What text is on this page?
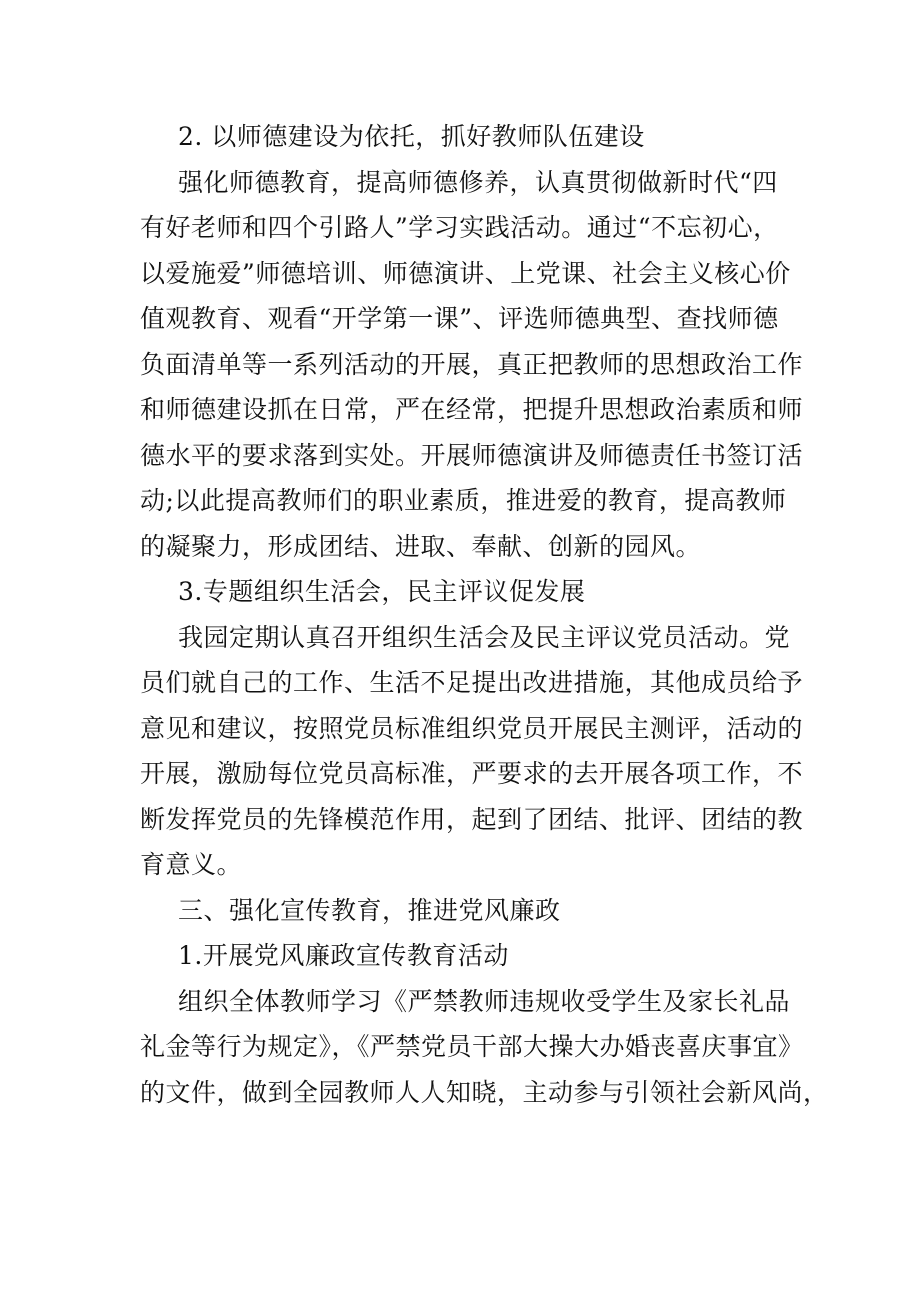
2. 以师德建设为依托，抓好教师队伍建设
强化师德教育，提高师德修养，认真贯彻做新时代“四
有好老师和四个引路人”学习实践活动。通过“不忘初心，
以爱施爱”师德培训、师德演讲、上党课、社会主义核心价
值观教育、观看“开学第一课”、评选师德典型、查找师德
负面清单等一系列活动的开展，真正把教师的思想政治工作
和师德建设抓在日常，严在经常，把提升思想政治素质和师
德水平的要求落到实处。开展师德演讲及师德责任书签订活
动;以此提高教师们的职业素质，推进爱的教育，提高教师
的凝聚力，形成团结、进取、奉献、创新的园风。
3.专题组织生活会，民主评议促发展
我园定期认真召开组织生活会及民主评议党员活动。党
员们就自己的工作、生活不足提出改进措施，其他成员给予
意见和建议，按照党员标准组织党员开展民主测评，活动的
开展，激励每位党员高标准，严要求的去开展各项工作，不
断发挥党员的先锋模范作用，起到了团结、批评、团结的教
育意义。
三、强化宣传教育，推进党风廉政
1.开展党风廉政宣传教育活动
组织全体教师学习《严禁教师违规收受学生及家长礼品
礼金等行为规定》，《严禁党员干部大操大办婚丧喜庆事宜》
的文件，做到全园教师人人知晓，主动参与引领社会新风尚，
